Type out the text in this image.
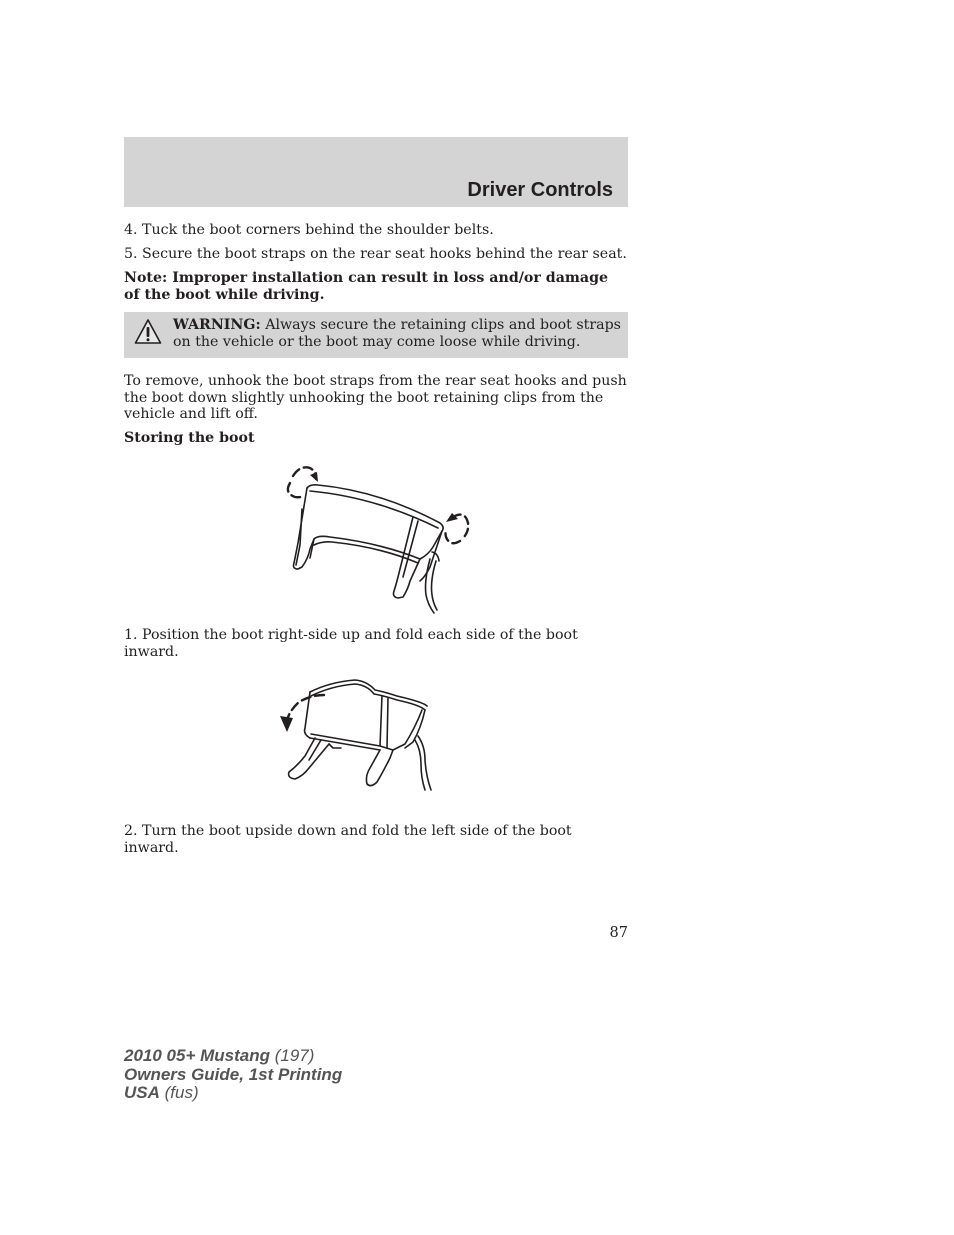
Driver Controls

4. Tuck the boot corners behind the shoulder belts.

5. Secure the boot straps on the rear seat hooks behind the rear seat.

Note: Improper installation can result in loss and/or damage of the boot while driving.

WARNING: Always secure the retaining clips and boot straps on the vehicle or the boot may come loose while driving.

To remove, unhook the boot straps from the rear seat hooks and push the boot down slightly unhooking the boot retaining clips from the vehicle and lift off.

Storing the boot

1. Position the boot right-side up and fold each side of the boot inward.

2. Turn the boot upside down and fold the left side of the boot inward.

87
2010 05+ Mustang (197)
Owners Guide, 1st Printing
USA (fus)
